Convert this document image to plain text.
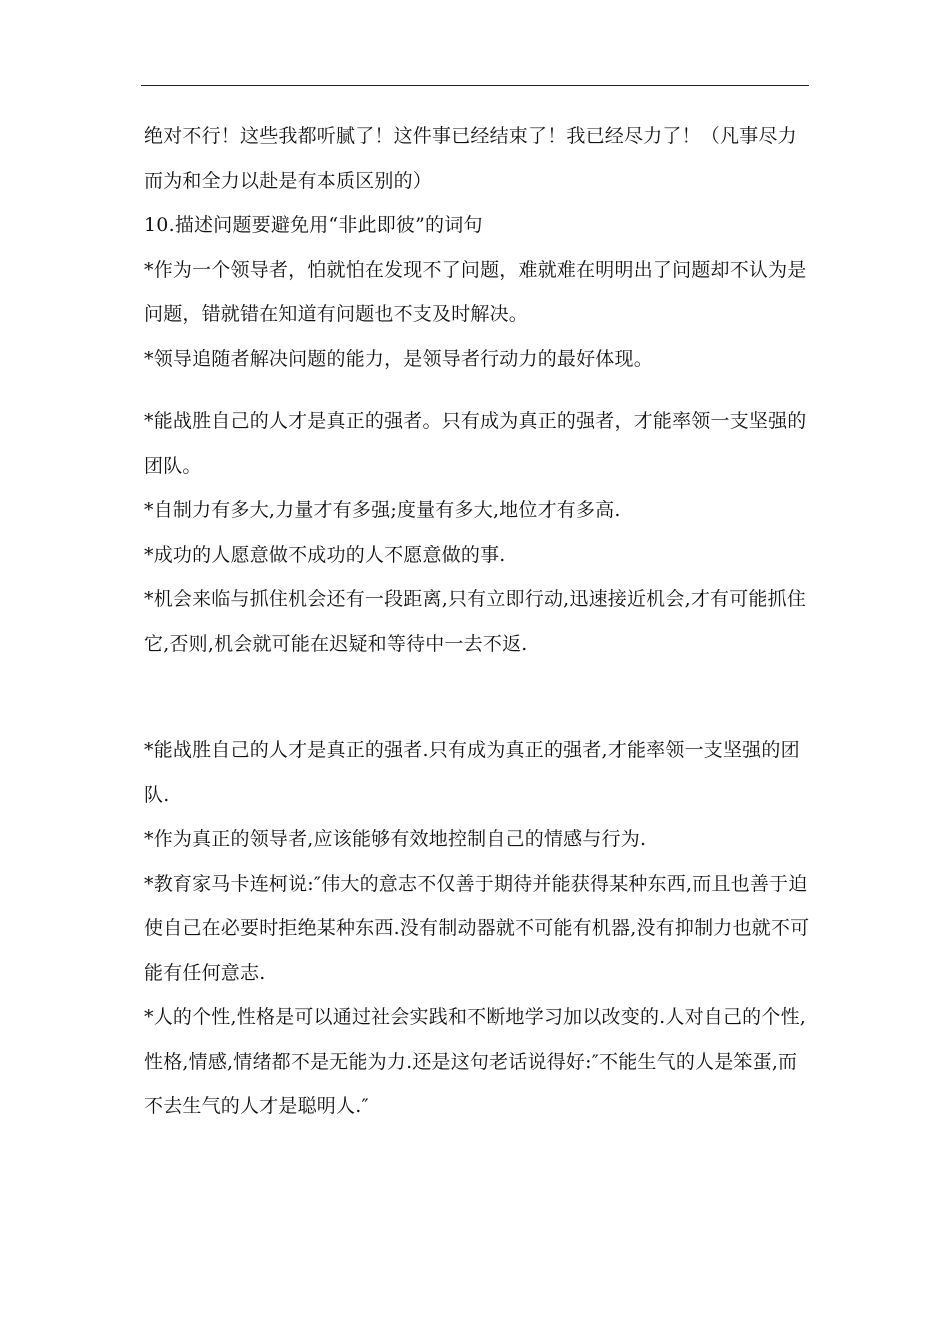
绝对不行！这些我都听腻了！这件事已经结束了！我已经尽力了！（凡事尽力而为和全力以赴是有本质区别的）

10.描述问题要避免用“非此即彼”的词句

*作为一个领导者，怕就怕在发现不了问题，难就难在明明出了问题却不认为是问题，错就错在知道有问题也不支及时解决。

*领导追随者解决问题的能力，是领导者行动力的最好体现。

*能战胜自己的人才是真正的强者。只有成为真正的强者，才能率领一支坚强的团队。

*自制力有多大,力量才有多强;度量有多大,地位才有多高.

*成功的人愿意做不成功的人不愿意做的事.

*机会来临与抓住机会还有一段距离,只有立即行动,迅速接近机会,才有可能抓住它,否则,机会就可能在迟疑和等待中一去不返.

*能战胜自己的人才是真正的强者.只有成为真正的强者,才能率领一支坚强的团队.

*作为真正的领导者,应该能够有效地控制自己的情感与行为.

*教育家马卡连柯说:″伟大的意志不仅善于期待并能获得某种东西,而且也善于迫使自己在必要时拒绝某种东西.没有制动器就不可能有机器,没有抑制力也就不可能有任何意志.

*人的个性,性格是可以通过社会实践和不断地学习加以改变的.人对自己的个性,性格,情感,情绪都不是无能为力.还是这句老话说得好:″不能生气的人是笨蛋,而不去生气的人才是聪明人.″
